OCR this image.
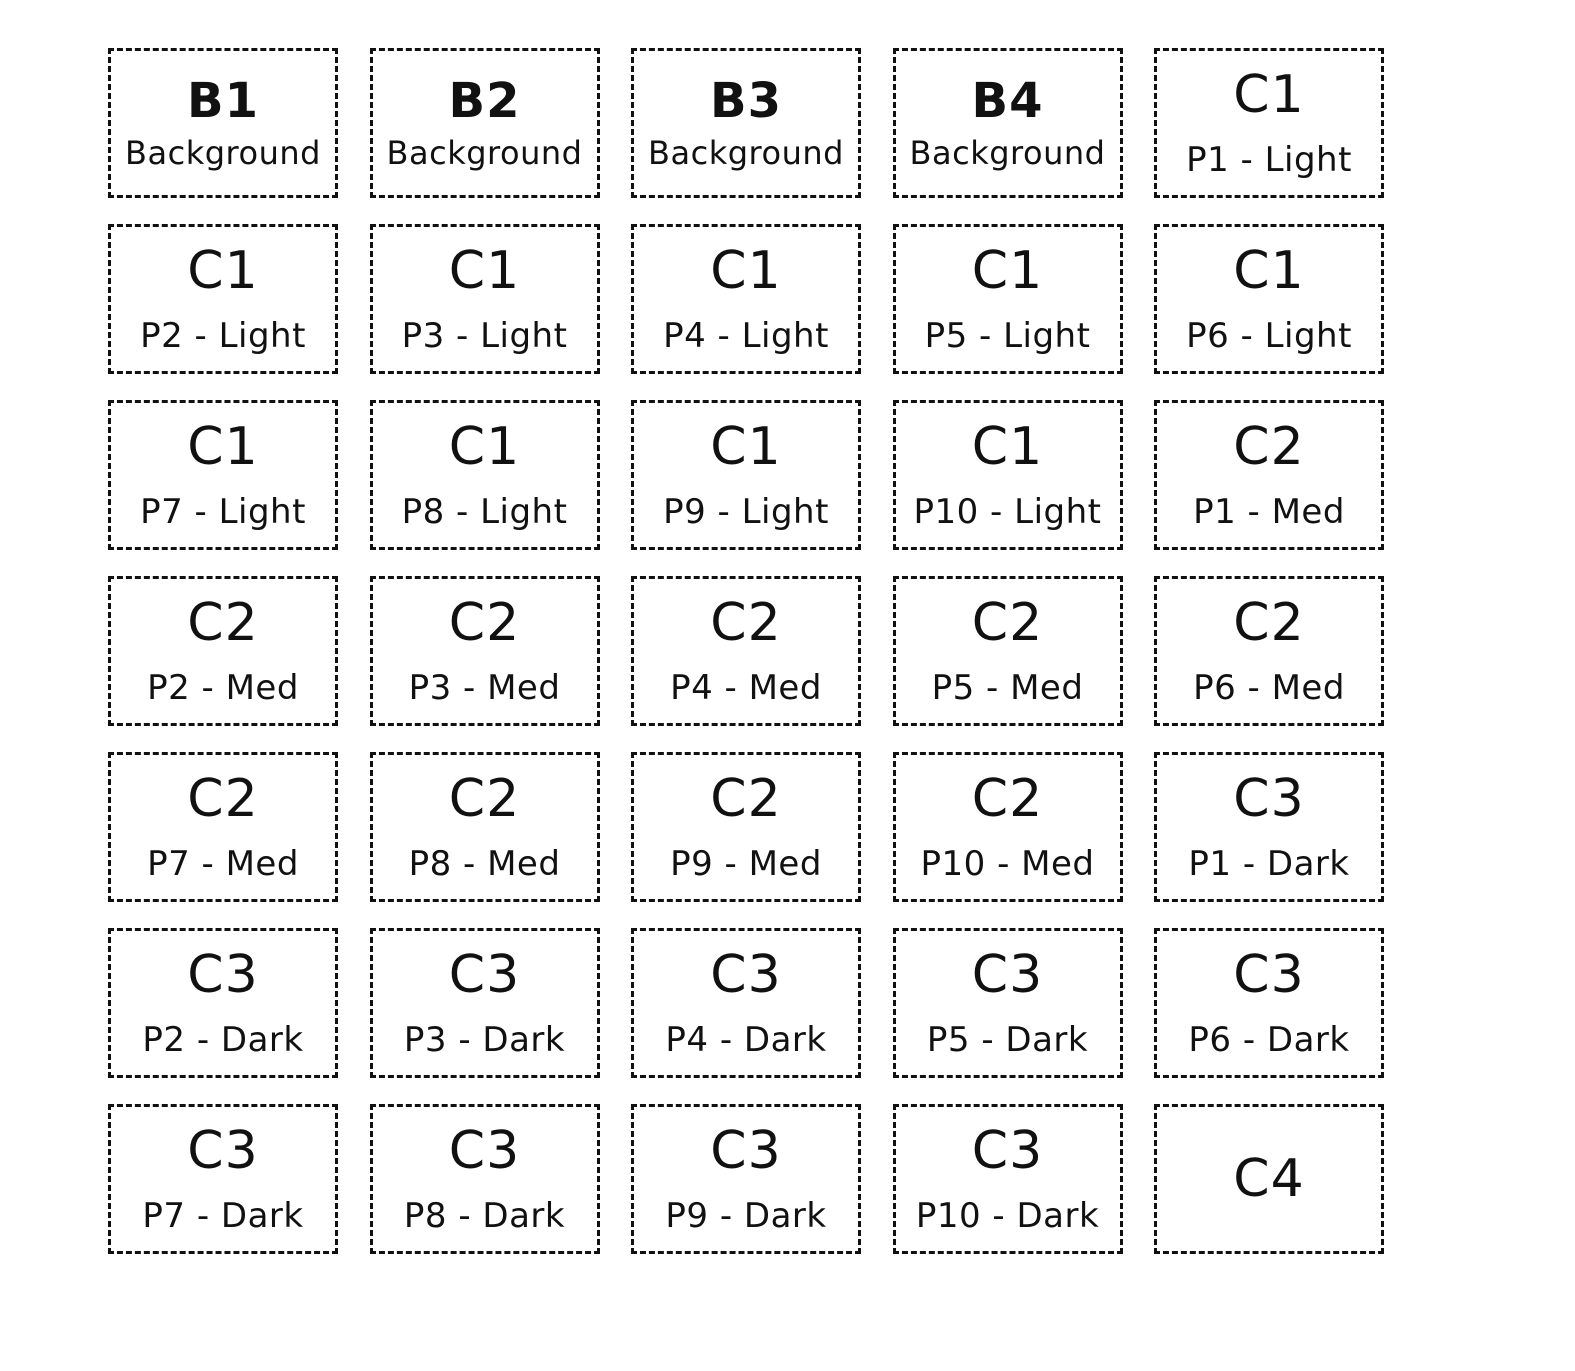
B1
Background
B2
Background
B3
Background
B4
Background
C1
P1 - Light
C1
P2 - Light
C1
P3 - Light
C1
P4 - Light
C1
P5 - Light
C1
P6 - Light
C1
P7 - Light
C1
P8 - Light
C1
P9 - Light
C1
P10 - Light
C2
P1 - Med
C2
P2 - Med
C2
P3 - Med
C2
P4 - Med
C2
P5 - Med
C2
P6 - Med
C2
P7 - Med
C2
P8 - Med
C2
P9 - Med
C2
P10 - Med
C3
P1 - Dark
C3
P2 - Dark
C3
P3 - Dark
C3
P4 - Dark
C3
P5 - Dark
C3
P6 - Dark
C3
P7 - Dark
C3
P8 - Dark
C3
P9 - Dark
C3
P10 - Dark
C4
